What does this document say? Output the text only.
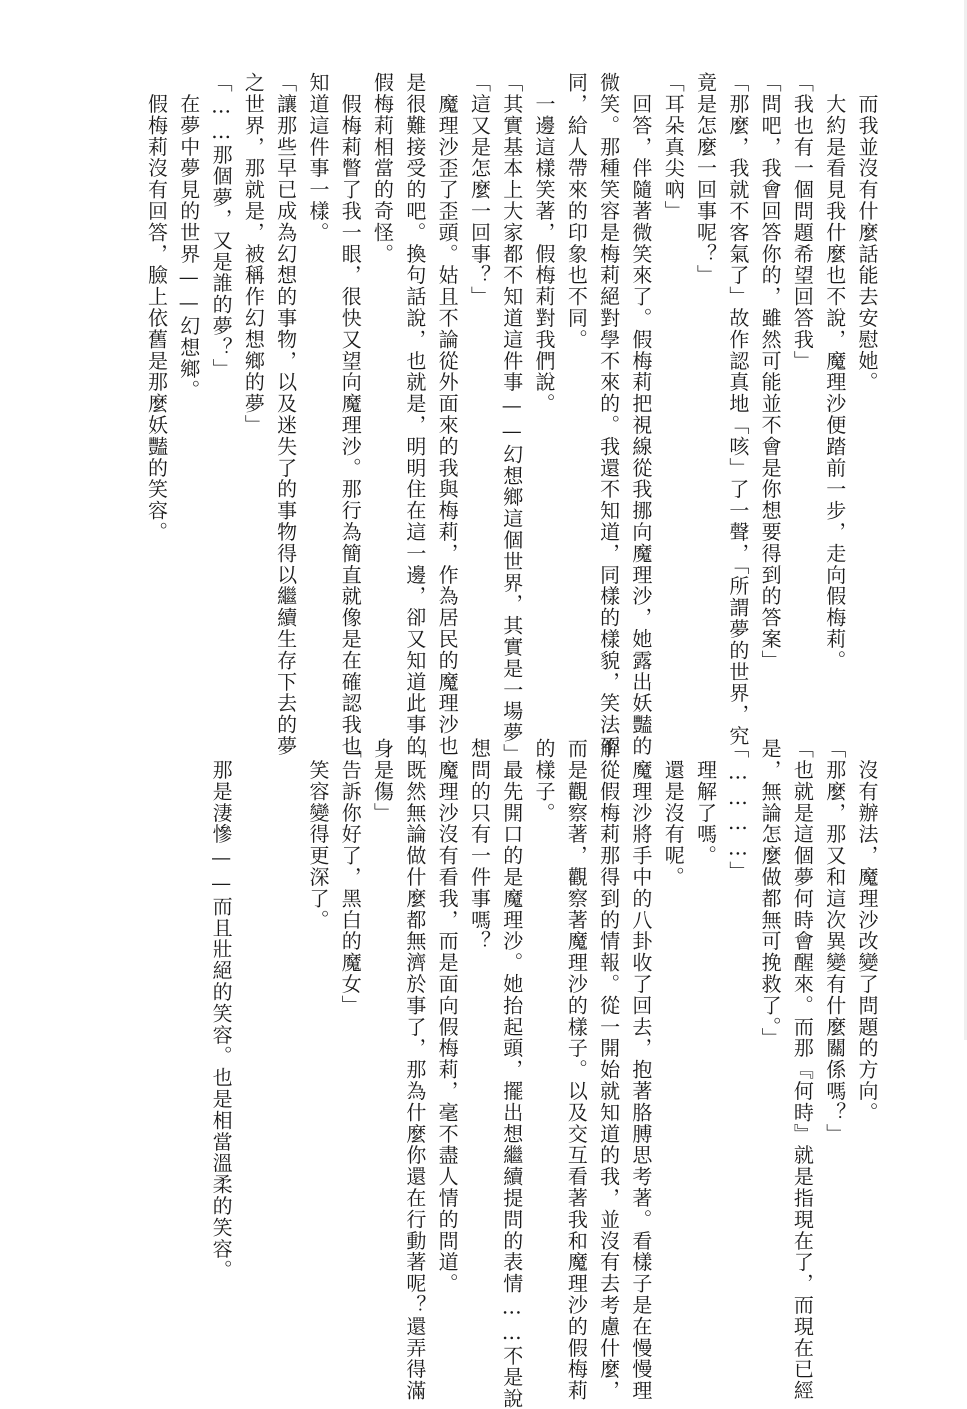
　而我並沒有什麼話能去安慰她。
　大約是看見我什麼也不說，魔理沙便踏前一步，走向假梅莉。
「我也有一個問題希望回答我」
「問吧，我會回答你的，雖然可能並不會是你想要得到的答案」
「那麼，我就不客氣了」故作認真地「咳」了一聲，「所謂夢的世界，究
竟是怎麼一回事呢？」
「耳朵真尖吶」
　回答，伴隨著微笑來了。假梅莉把視線從我挪向魔理沙，她露出妖豔的
微笑。那種笑容是梅莉絕對學不來的。我還不知道，同樣的樣貌，笑法不
同，給人帶來的印象也不同。
　一邊這樣笑著，假梅莉對我們說。
「其實基本上大家都不知道這件事——幻想鄉這個世界，其實是一場夢」
「這又是怎麼一回事？」
　魔理沙歪了歪頭。姑且不論從外面來的我與梅莉，作為居民的魔理沙也
是很難接受的吧。換句話說，也就是，明明住在這一邊，卻又知道此事的
假梅莉相當的奇怪。
　假梅莉瞥了我一眼，很快又望向魔理沙。那行為簡直就像是在確認我也
知道這件事一樣。
「讓那些早已成為幻想的事物，以及迷失了的事物得以繼續生存下去的夢
之世界，那就是，被稱作幻想鄉的夢」
「……那個夢，又是誰的夢？」
　在夢中夢見的世界——幻想鄉。
　假梅莉沒有回答，臉上依舊是那麼妖豔的笑容。
　沒有辦法，魔理沙改變了問題的方向。
「那麼，那又和這次異變有什麼關係嗎？」
「也就是這個夢何時會醒來。而那『何時』就是指現在了，而現在已經
是，無論怎麼做都無可挽救了。」
「…………」
　理解了嗎。
　還是沒有呢。
　魔理沙將手中的八卦收了回去，抱著胳膊思考著。看樣子是在慢慢理
解從假梅莉那得到的情報。從一開始就知道的我，並沒有去考慮什麼，
而是觀察著，觀察著魔理沙的樣子。以及交互看著我和魔理沙的假梅莉
的樣子。
　最先開口的是魔理沙。她抬起頭，擺出想繼續提問的表情……不是說
想問的只有一件事嗎？
　魔理沙沒有看我，而是面向假梅莉，毫不盡人情的問道。
「既然無論做什麼都無濟於事了，那為什麼你還在行動著呢？還弄得滿
身是傷」
「告訴你好了，黑白的魔女」
　笑容變得更深了。
　那是淒慘——而且壯絕的笑容。也是相當溫柔的笑容。
